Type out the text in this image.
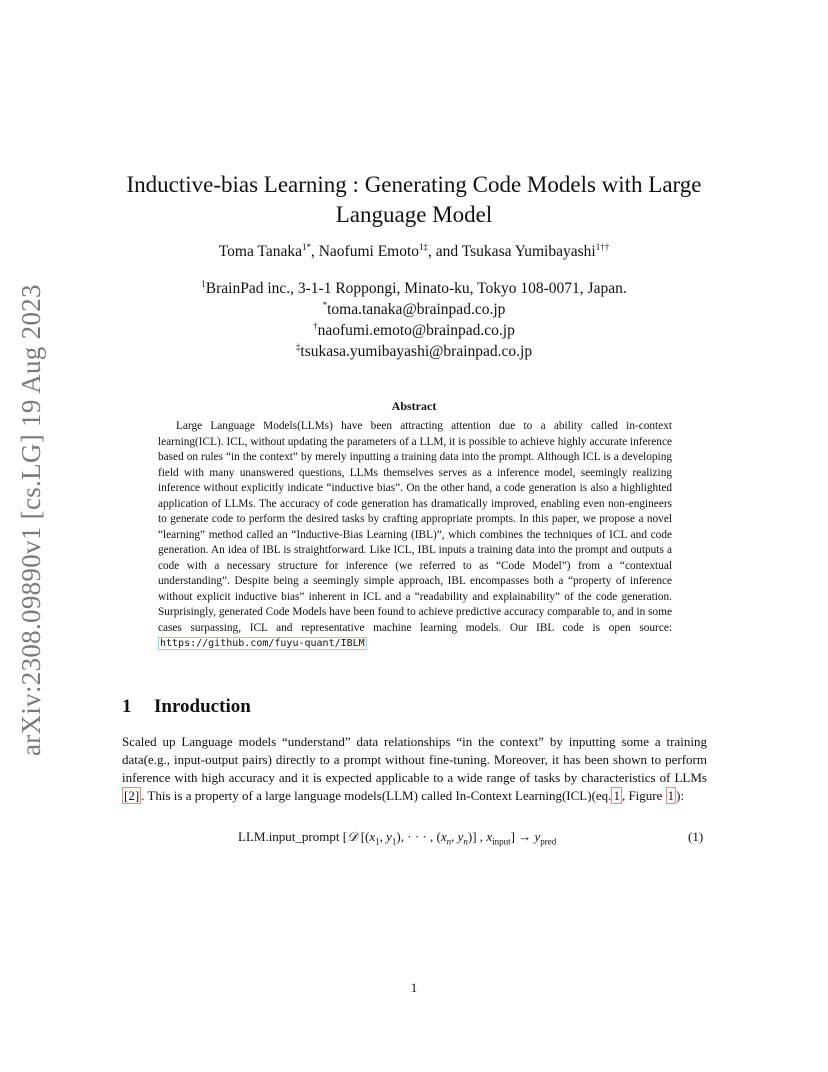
arXiv:2308.09890v1 [cs.LG] 19 Aug 2023
Inductive-bias Learning : Generating Code Models with Large Language Model
Toma Tanaka$^{1*}$, Naofumi Emoto$^{1\ddagger}$, and Tsukasa Yumibayashi$^{1\dagger\dagger}$
$^1$BrainPad inc., 3-1-1 Roppongi, Minato-ku, Tokyo 108-0071, Japan.
*toma.tanaka@brainpad.co.jp
†naofumi.emoto@brainpad.co.jp
‡tsukasa.yumibayashi@brainpad.co.jp
Abstract

Large Language Models(LLMs) have been attracting attention due to a ability called in-context learning(ICL). ICL, without updating the parameters of a LLM, it is possible to achieve highly accurate inference based on rules “in the context” by merely inputting a training data into the prompt. Although ICL is a developing field with many unanswered questions, LLMs themselves serves as a inference model, seemingly realizing inference without explicitly indicate “inductive bias”. On the other hand, a code generation is also a highlighted application of LLMs. The accuracy of code generation has dramatically improved, enabling even non-engineers to generate code to perform the desired tasks by crafting appropriate prompts. In this paper, we propose a novel “learning” method called an “Inductive-Bias Learning (IBL)”, which combines the techniques of ICL and code generation. An idea of IBL is straightforward. Like ICL, IBL inputs a training data into the prompt and outputs a code with a necessary structure for inference (we referred to as “Code Model”) from a “contextual understanding”. Despite being a seemingly simple approach, IBL encompasses both a “property of inference without explicit inductive bias” inherent in ICL and a “readability and explainability” of the code generation. Surprisingly, generated Code Models have been found to achieve predictive accuracy comparable to, and in some cases surpassing, ICL and representative machine learning models. Our IBL code is open source: https://github.com/fuyu-quant/IBLM

1 Inroduction

Scaled up Language models “understand” data relationships “in the context” by inputting some a training data(e.g., input-output pairs) directly to a prompt without fine-tuning. Moreover, it has been shown to perform inference with high accuracy and it is expected applicable to a wide range of tasks by characteristics of LLMs [2] . This is a property of a large language models(LLM) called In-Context Learning(ICL)(eq. 1 , Figure 1 ):

LLM.input_prompt [𝒟 [($x_1$, $y_1$), · · · , ($x_n$, $y_n$)] , $x_{input}] \to y_{pred}$	(1)
1
